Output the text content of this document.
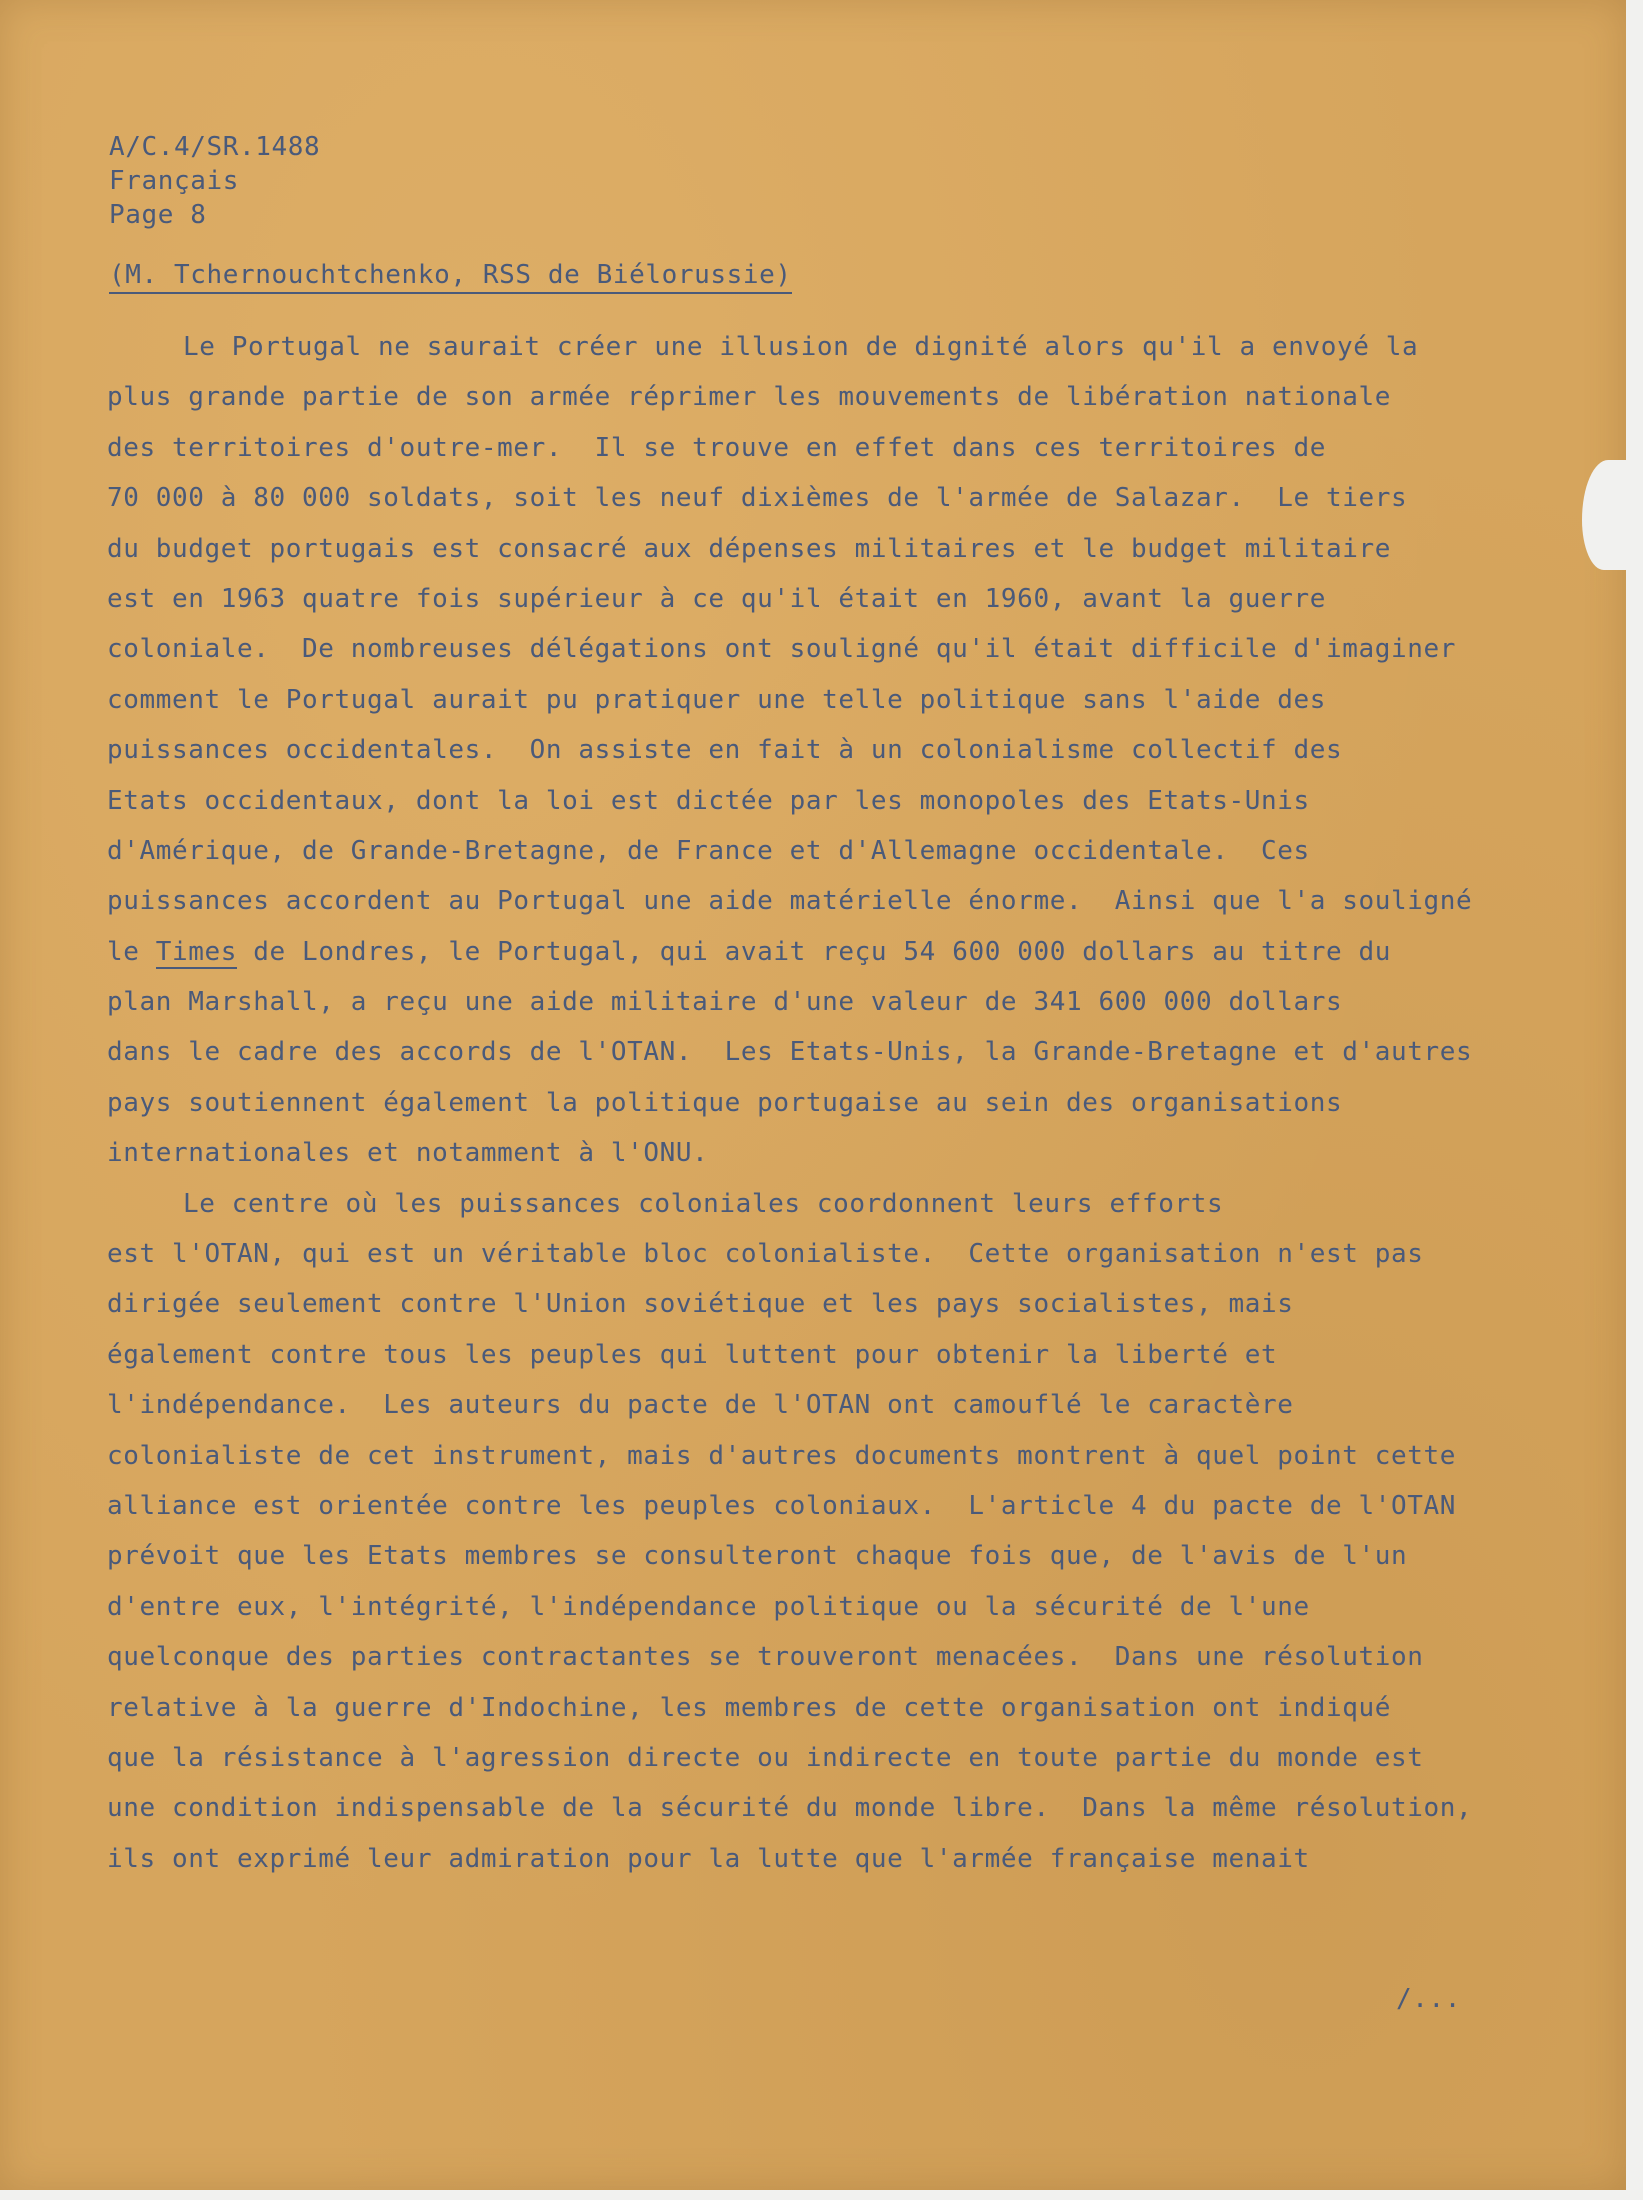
A/C.4/SR.1488
Français
Page 8
(M. Tchernouchtchenko, RSS de Biélorussie)
Le Portugal ne saurait créer une illusion de dignité alors qu'il a envoyé la
plus grande partie de son armée réprimer les mouvements de libération nationale
des territoires d'outre-mer.  Il se trouve en effet dans ces territoires de
70 000 à 80 000 soldats, soit les neuf dixièmes de l'armée de Salazar.  Le tiers
du budget portugais est consacré aux dépenses militaires et le budget militaire
est en 1963 quatre fois supérieur à ce qu'il était en 1960, avant la guerre
coloniale.  De nombreuses délégations ont souligné qu'il était difficile d'imaginer
comment le Portugal aurait pu pratiquer une telle politique sans l'aide des
puissances occidentales.  On assiste en fait à un colonialisme collectif des
Etats occidentaux, dont la loi est dictée par les monopoles des Etats-Unis
d'Amérique, de Grande-Bretagne, de France et d'Allemagne occidentale.  Ces
puissances accordent au Portugal une aide matérielle énorme.  Ainsi que l'a souligné
le Times de Londres, le Portugal, qui avait reçu 54 600 000 dollars au titre du
plan Marshall, a reçu une aide militaire d'une valeur de 341 600 000 dollars
dans le cadre des accords de l'OTAN.  Les Etats-Unis, la Grande-Bretagne et d'autres
pays soutiennent également la politique portugaise au sein des organisations
internationales et notamment à l'ONU.
Le centre où les puissances coloniales coordonnent leurs efforts
est l'OTAN, qui est un véritable bloc colonialiste.  Cette organisation n'est pas
dirigée seulement contre l'Union soviétique et les pays socialistes, mais
également contre tous les peuples qui luttent pour obtenir la liberté et
l'indépendance.  Les auteurs du pacte de l'OTAN ont camouflé le caractère
colonialiste de cet instrument, mais d'autres documents montrent à quel point cette
alliance est orientée contre les peuples coloniaux.  L'article 4 du pacte de l'OTAN
prévoit que les Etats membres se consulteront chaque fois que, de l'avis de l'un
d'entre eux, l'intégrité, l'indépendance politique ou la sécurité de l'une
quelconque des parties contractantes se trouveront menacées.  Dans une résolution
relative à la guerre d'Indochine, les membres de cette organisation ont indiqué
que la résistance à l'agression directe ou indirecte en toute partie du monde est
une condition indispensable de la sécurité du monde libre.  Dans la même résolution,
ils ont exprimé leur admiration pour la lutte que l'armée française menait
/...
